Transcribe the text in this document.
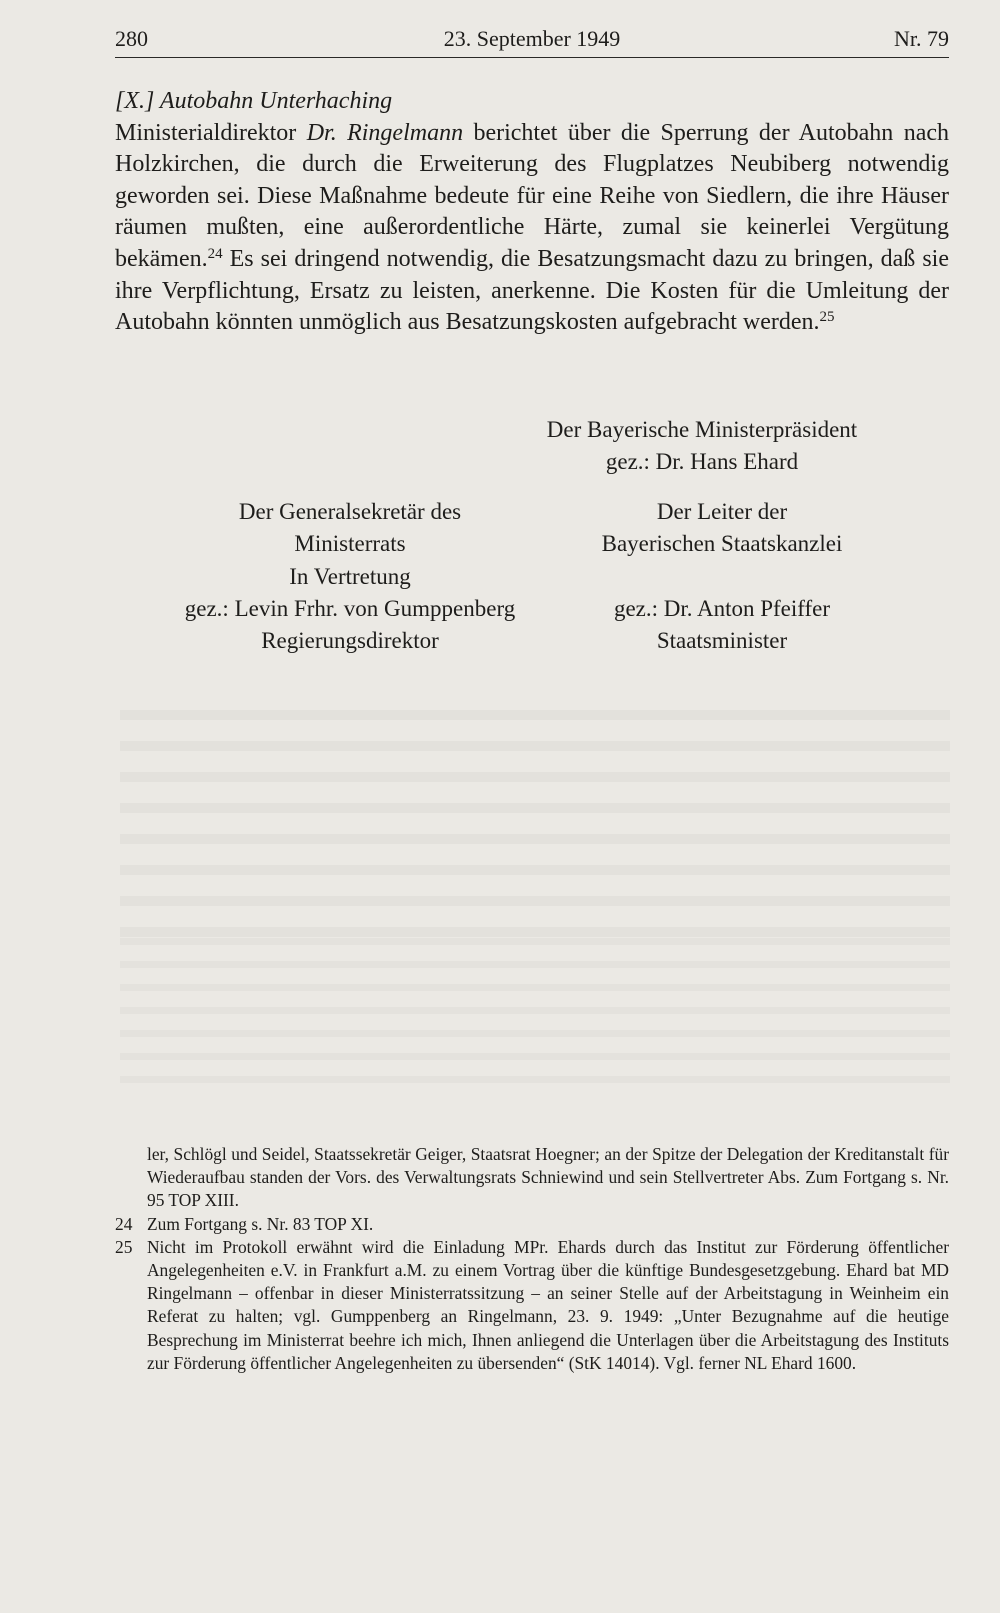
23. September 1949
280	Nr. 79

[X.] Autobahn Unterhaching

Ministerialdirektor Dr. Ringelmann berichtet über die Sperrung der Autobahn nach Holzkirchen, die durch die Erweiterung des Flugplatzes Neubiberg notwendig geworden sei. Diese Maßnahme bedeute für eine Reihe von Siedlern, die ihre Häuser räumen mußten, eine außerordentliche Härte, zumal sie keinerlei Vergütung bekämen.$^{24}$ Es sei dringend notwendig, die Besatzungsmacht dazu zu bringen, daß sie ihre Verpflichtung, Ersatz zu leisten, anerkenne. Die Kosten für die Umleitung der Autobahn könnten unmöglich aus Besatzungskosten aufgebracht werden.$^{25}$

Der Bayerische Ministerpräsident
gez.: Dr. Hans Ehard
Der Generalsekretär des
Ministerrats
In Vertretung
gez.: Levin Frhr. von Gumppenberg
Regierungsdirektor
Der Leiter der
Bayerischen Staatskanzlei

gez.: Dr. Anton Pfeiffer
Staatsminister

ler, Schlögl und Seidel, Staatssekretär Geiger, Staatsrat Hoegner; an der Spitze der Delegation der Kreditanstalt für Wiederaufbau standen der Vors. des Verwaltungsrats Schniewind und sein Stellvertreter Abs. Zum Fortgang s. Nr. 95 TOP XIII.

24 Zum Fortgang s. Nr. 83 TOP XI.

25 Nicht im Protokoll erwähnt wird die Einladung MPr. Ehards durch das Institut zur Förderung öffentlicher Angelegenheiten e.V. in Frankfurt a.M. zu einem Vortrag über die künftige Bundesgesetzgebung. Ehard bat MD Ringelmann – offenbar in dieser Ministerratssitzung – an seiner Stelle auf der Arbeitstagung in Weinheim ein Referat zu halten; vgl. Gumppenberg an Ringelmann, 23. 9. 1949: „Unter Bezugnahme auf die heutige Besprechung im Ministerrat beehre ich mich, Ihnen anliegend die Unterlagen über die Arbeitstagung des Instituts zur Förderung öffentlicher Angelegenheiten zu übersenden“ (StK 14014). Vgl. ferner NL Ehard 1600.
